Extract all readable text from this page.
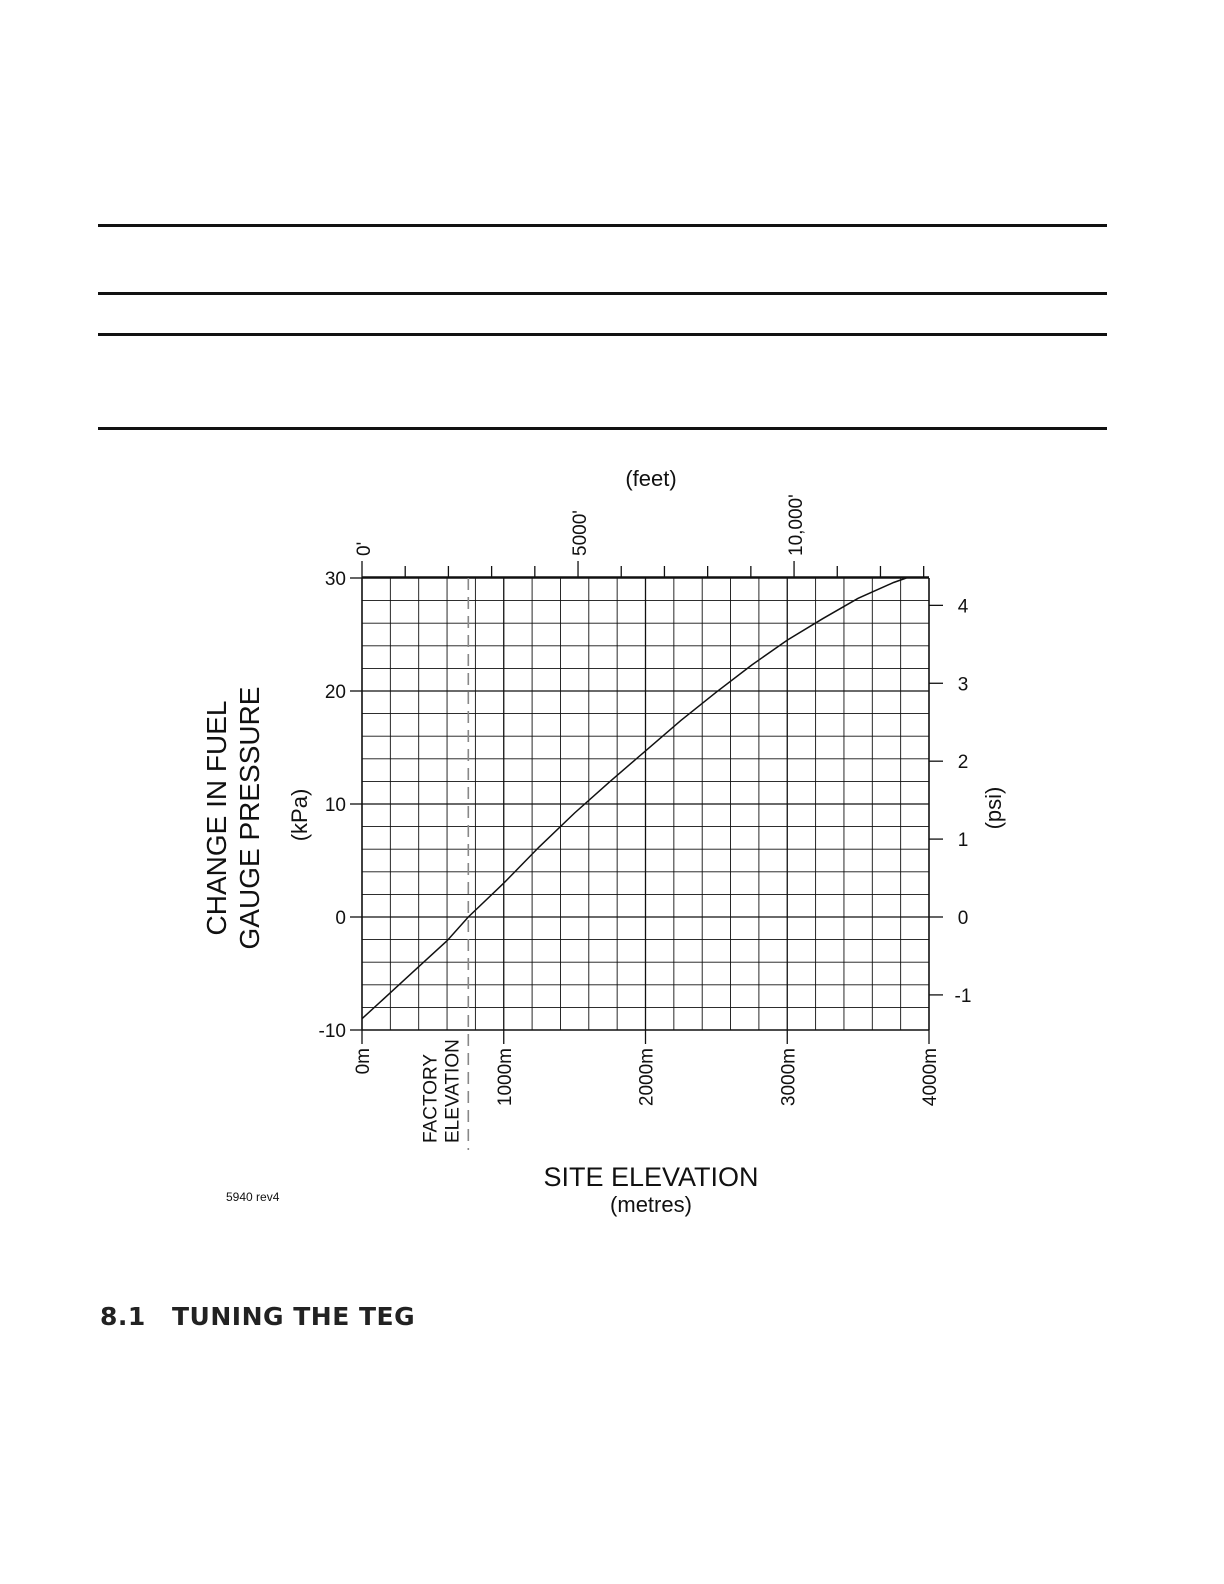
FACTORY ELEVATION
-10
0
10
20
30
0m	1000m	2000m	3000m	4000m
0'	5000'	10,000'
-1
0
1
2
3
4
(feet)
SITE ELEVATION
(metres)
5940 rev4
CHANGE IN FUEL GAUGE PRESSURE (kPa)	(psi)
8.1 TUNING THE TEG
